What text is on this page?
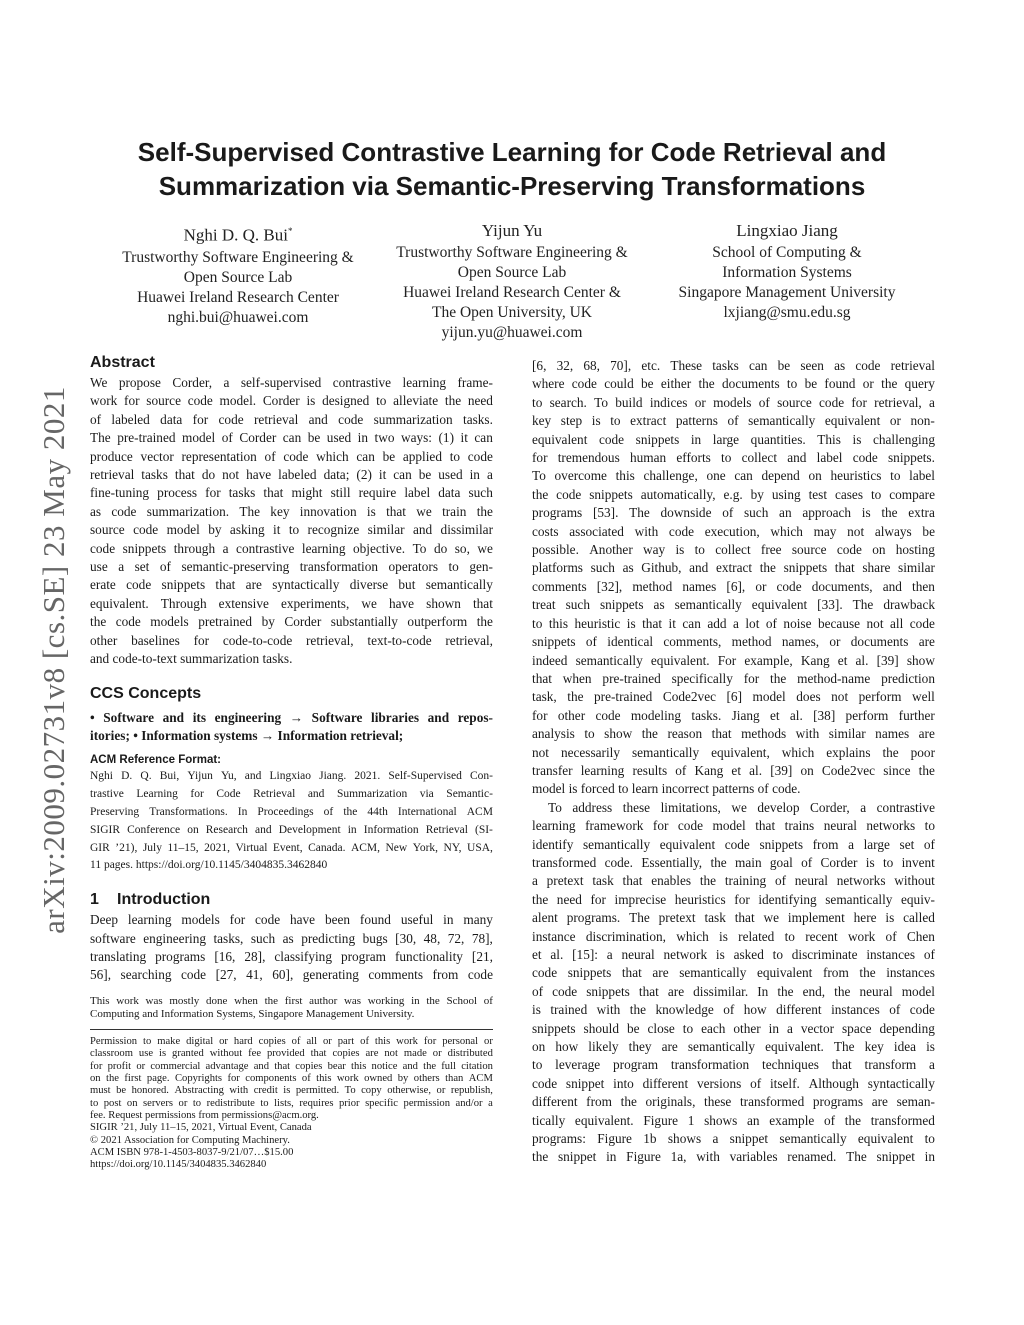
Self-Supervised Contrastive Learning for Code Retrieval and
Summarization via Semantic-Preserving Transformations
Nghi D. Q. Bui*
Trustworthy Software Engineering &
Open Source Lab
Huawei Ireland Research Center
nghi.bui@huawei.com
Yijun Yu
Trustworthy Software Engineering &
Open Source Lab
Huawei Ireland Research Center &
The Open University, UK
yijun.yu@huawei.com
Lingxiao Jiang
School of Computing &
Information Systems
Singapore Management University
lxjiang@smu.edu.sg
arXiv:2009.02731v8 [cs.SE] 23 May 2021
Abstract
We propose Corder, a self-supervised contrastive learning frame-
work for source code model. Corder is designed to alleviate the need
of labeled data for code retrieval and code summarization tasks.
The pre-trained model of Corder can be used in two ways: (1) it can
produce vector representation of code which can be applied to code
retrieval tasks that do not have labeled data; (2) it can be used in a
fine-tuning process for tasks that might still require label data such
as code summarization. The key innovation is that we train the
source code model by asking it to recognize similar and dissimilar
code snippets through a contrastive learning objective. To do so, we
use a set of semantic-preserving transformation operators to gen-
erate code snippets that are syntactically diverse but semantically
equivalent. Through extensive experiments, we have shown that
the code models pretrained by Corder substantially outperform the
other baselines for code-to-code retrieval, text-to-code retrieval,
and code-to-text summarization tasks.
CCS Concepts
• Software and its engineering → Software libraries and repos-
itories; • Information systems → Information retrieval;
ACM Reference Format:
Nghi D. Q. Bui, Yijun Yu, and Lingxiao Jiang. 2021. Self-Supervised Con-
trastive Learning for Code Retrieval and Summarization via Semantic-
Preserving Transformations. In Proceedings of the 44th International ACM
SIGIR Conference on Research and Development in Information Retrieval (SI-
GIR ’21), July 11–15, 2021, Virtual Event, Canada. ACM, New York, NY, USA,
11 pages. https://doi.org/10.1145/3404835.3462840
1 Introduction
Deep learning models for code have been found useful in many
software engineering tasks, such as predicting bugs [30, 48, 72, 78],
translating programs [16, 28], classifying program functionality [21,
56], searching code [27, 41, 60], generating comments from code
This work was mostly done when the first author was working in the School of
Computing and Information Systems, Singapore Management University.
Permission to make digital or hard copies of all or part of this work for personal or
classroom use is granted without fee provided that copies are not made or distributed
for profit or commercial advantage and that copies bear this notice and the full citation
on the first page. Copyrights for components of this work owned by others than ACM
must be honored. Abstracting with credit is permitted. To copy otherwise, or republish,
to post on servers or to redistribute to lists, requires prior specific permission and/or a
fee. Request permissions from permissions@acm.org.
SIGIR ’21, July 11–15, 2021, Virtual Event, Canada
© 2021 Association for Computing Machinery.
ACM ISBN 978-1-4503-8037-9/21/07…$15.00
https://doi.org/10.1145/3404835.3462840
[6, 32, 68, 70], etc. These tasks can be seen as code retrieval
where code could be either the documents to be found or the query
to search. To build indices or models of source code for retrieval, a
key step is to extract patterns of semantically equivalent or non-
equivalent code snippets in large quantities. This is challenging
for tremendous human efforts to collect and label code snippets.
To overcome this challenge, one can depend on heuristics to label
the code snippets automatically, e.g. by using test cases to compare
programs [53]. The downside of such an approach is the extra
costs associated with code execution, which may not always be
possible. Another way is to collect free source code on hosting
platforms such as Github, and extract the snippets that share similar
comments [32], method names [6], or code documents, and then
treat such snippets as semantically equivalent [33]. The drawback
to this heuristic is that it can add a lot of noise because not all code
snippets of identical comments, method names, or documents are
indeed semantically equivalent. For example, Kang et al. [39] show
that when pre-trained specifically for the method-name prediction
task, the pre-trained Code2vec [6] model does not perform well
for other code modeling tasks. Jiang et al. [38] perform further
analysis to show the reason that methods with similar names are
not necessarily semantically equivalent, which explains the poor
transfer learning results of Kang et al. [39] on Code2vec since the
model is forced to learn incorrect patterns of code.
To address these limitations, we develop Corder, a contrastive
learning framework for code model that trains neural networks to
identify semantically equivalent code snippets from a large set of
transformed code. Essentially, the main goal of Corder is to invent
a pretext task that enables the training of neural networks without
the need for imprecise heuristics for identifying semantically equiv-
alent programs. The pretext task that we implement here is called
instance discrimination, which is related to recent work of Chen
et al. [15]: a neural network is asked to discriminate instances of
code snippets that are semantically equivalent from the instances
of code snippets that are dissimilar. In the end, the neural model
is trained with the knowledge of how different instances of code
snippets should be close to each other in a vector space depending
on how likely they are semantically equivalent. The key idea is
to leverage program transformation techniques that transform a
code snippet into different versions of itself. Although syntactically
different from the originals, these transformed programs are seman-
tically equivalent. Figure 1 shows an example of the transformed
programs: Figure 1b shows a snippet semantically equivalent to
the snippet in Figure 1a, with variables renamed. The snippet in
